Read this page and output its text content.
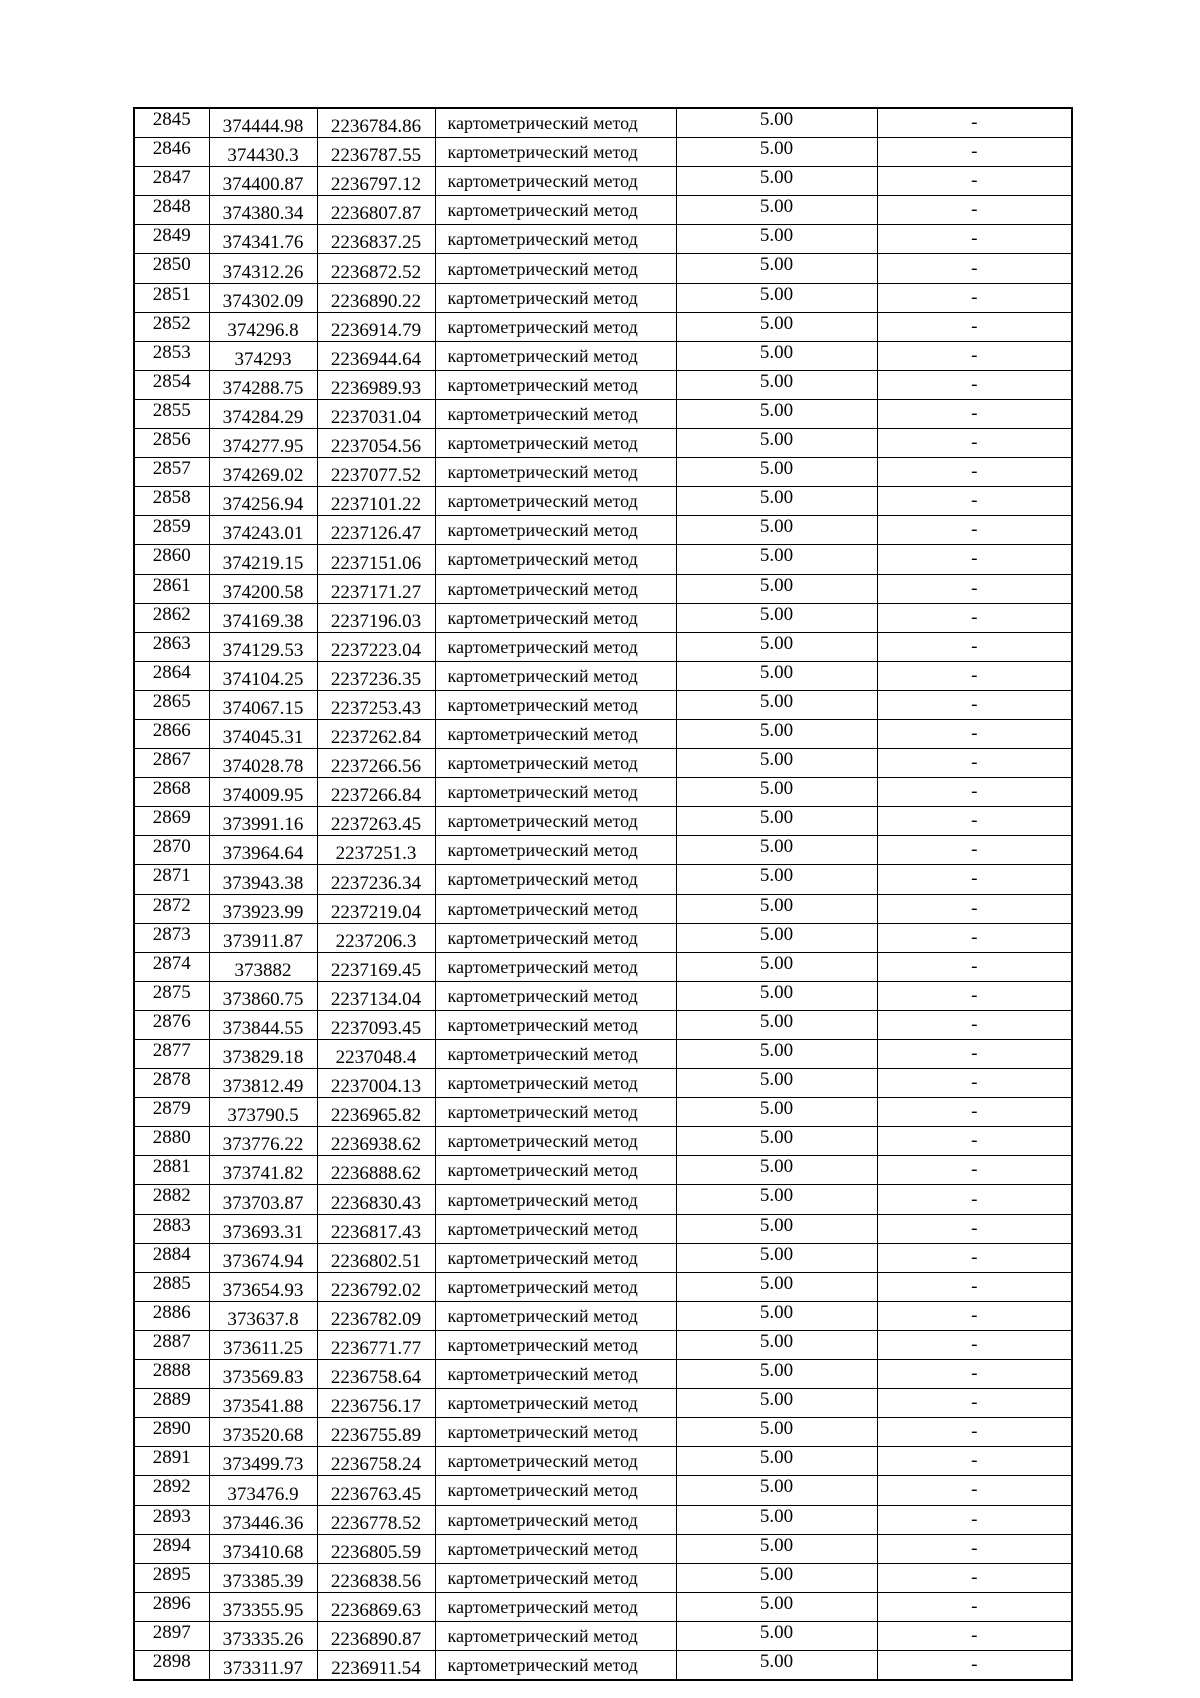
2845	374444.98	2236784.86	картометрический метод	5.00	-
2846	374430.3	2236787.55	картометрический метод	5.00	-
2847	374400.87	2236797.12	картометрический метод	5.00	-
2848	374380.34	2236807.87	картометрический метод	5.00	-
2849	374341.76	2236837.25	картометрический метод	5.00	-
2850	374312.26	2236872.52	картометрический метод	5.00	-
2851	374302.09	2236890.22	картометрический метод	5.00	-
2852	374296.8	2236914.79	картометрический метод	5.00	-
2853	374293	2236944.64	картометрический метод	5.00	-
2854	374288.75	2236989.93	картометрический метод	5.00	-
2855	374284.29	2237031.04	картометрический метод	5.00	-
2856	374277.95	2237054.56	картометрический метод	5.00	-
2857	374269.02	2237077.52	картометрический метод	5.00	-
2858	374256.94	2237101.22	картометрический метод	5.00	-
2859	374243.01	2237126.47	картометрический метод	5.00	-
2860	374219.15	2237151.06	картометрический метод	5.00	-
2861	374200.58	2237171.27	картометрический метод	5.00	-
2862	374169.38	2237196.03	картометрический метод	5.00	-
2863	374129.53	2237223.04	картометрический метод	5.00	-
2864	374104.25	2237236.35	картометрический метод	5.00	-
2865	374067.15	2237253.43	картометрический метод	5.00	-
2866	374045.31	2237262.84	картометрический метод	5.00	-
2867	374028.78	2237266.56	картометрический метод	5.00	-
2868	374009.95	2237266.84	картометрический метод	5.00	-
2869	373991.16	2237263.45	картометрический метод	5.00	-
2870	373964.64	2237251.3	картометрический метод	5.00	-
2871	373943.38	2237236.34	картометрический метод	5.00	-
2872	373923.99	2237219.04	картометрический метод	5.00	-
2873	373911.87	2237206.3	картометрический метод	5.00	-
2874	373882	2237169.45	картометрический метод	5.00	-
2875	373860.75	2237134.04	картометрический метод	5.00	-
2876	373844.55	2237093.45	картометрический метод	5.00	-
2877	373829.18	2237048.4	картометрический метод	5.00	-
2878	373812.49	2237004.13	картометрический метод	5.00	-
2879	373790.5	2236965.82	картометрический метод	5.00	-
2880	373776.22	2236938.62	картометрический метод	5.00	-
2881	373741.82	2236888.62	картометрический метод	5.00	-
2882	373703.87	2236830.43	картометрический метод	5.00	-
2883	373693.31	2236817.43	картометрический метод	5.00	-
2884	373674.94	2236802.51	картометрический метод	5.00	-
2885	373654.93	2236792.02	картометрический метод	5.00	-
2886	373637.8	2236782.09	картометрический метод	5.00	-
2887	373611.25	2236771.77	картометрический метод	5.00	-
2888	373569.83	2236758.64	картометрический метод	5.00	-
2889	373541.88	2236756.17	картометрический метод	5.00	-
2890	373520.68	2236755.89	картометрический метод	5.00	-
2891	373499.73	2236758.24	картометрический метод	5.00	-
2892	373476.9	2236763.45	картометрический метод	5.00	-
2893	373446.36	2236778.52	картометрический метод	5.00	-
2894	373410.68	2236805.59	картометрический метод	5.00	-
2895	373385.39	2236838.56	картометрический метод	5.00	-
2896	373355.95	2236869.63	картометрический метод	5.00	-
2897	373335.26	2236890.87	картометрический метод	5.00	-
2898	373311.97	2236911.54	картометрический метод	5.00	-
